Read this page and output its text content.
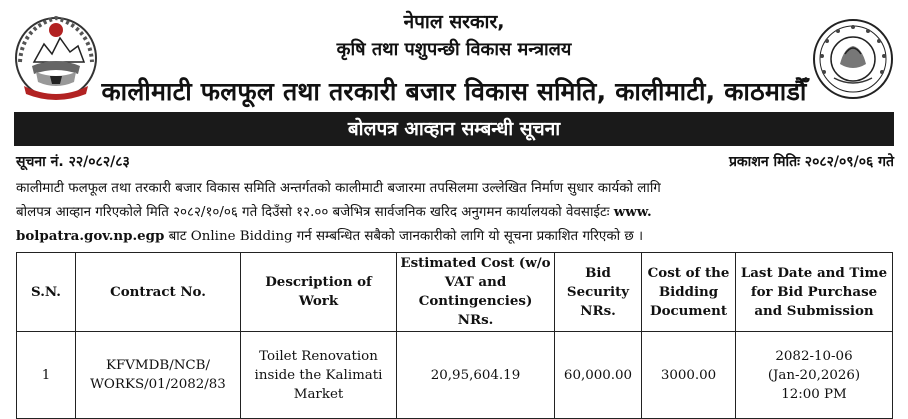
नेपाल सरकार,
कृषि तथा पशुपन्छी विकास मन्त्रालय
कालीमाटी फलफूल तथा तरकारी बजार विकास समिति, कालीमाटी, काठमाडौँ
बोलपत्र आव्हान सम्बन्धी सूचना
सूचना नं. २२/०८२/८३	प्रकाशन मितिः २०८२/०९/०६ गते
कालीमाटी फलफूल तथा तरकारी बजार विकास समिति अन्तर्गतको कालीमाटी बजारमा तपसिलमा उल्लेखित निर्माण सुधार कार्यको लागि
बोलपत्र आव्हान गरिएकोले मिति २०८२/१०/०६ गते दिउँसो १२.०० बजेभित्र सार्वजनिक खरिद अनुगमन कार्यालयको वेवसाईटः www.
bolpatra.gov.np.egp बाट Online Bidding गर्न सम्बन्धित सबैको जानकारीको लागि यो सूचना प्रकाशित गरिएको छ ।
S.N.	Contract No.	Description of Work	Estimated Cost (w/o VAT and Contingencies) NRs.	Bid Security NRs.	Cost of the Bidding Document	Last Date and Time for Bid Purchase and Submission
1	KFVMDB/NCB/ WORKS/01/2082/83	Toilet Renovation inside the Kalimati Market	20,95,604.19	60,000.00	3000.00	2082-10-06
(Jan-20,2026)
12:00 PM
